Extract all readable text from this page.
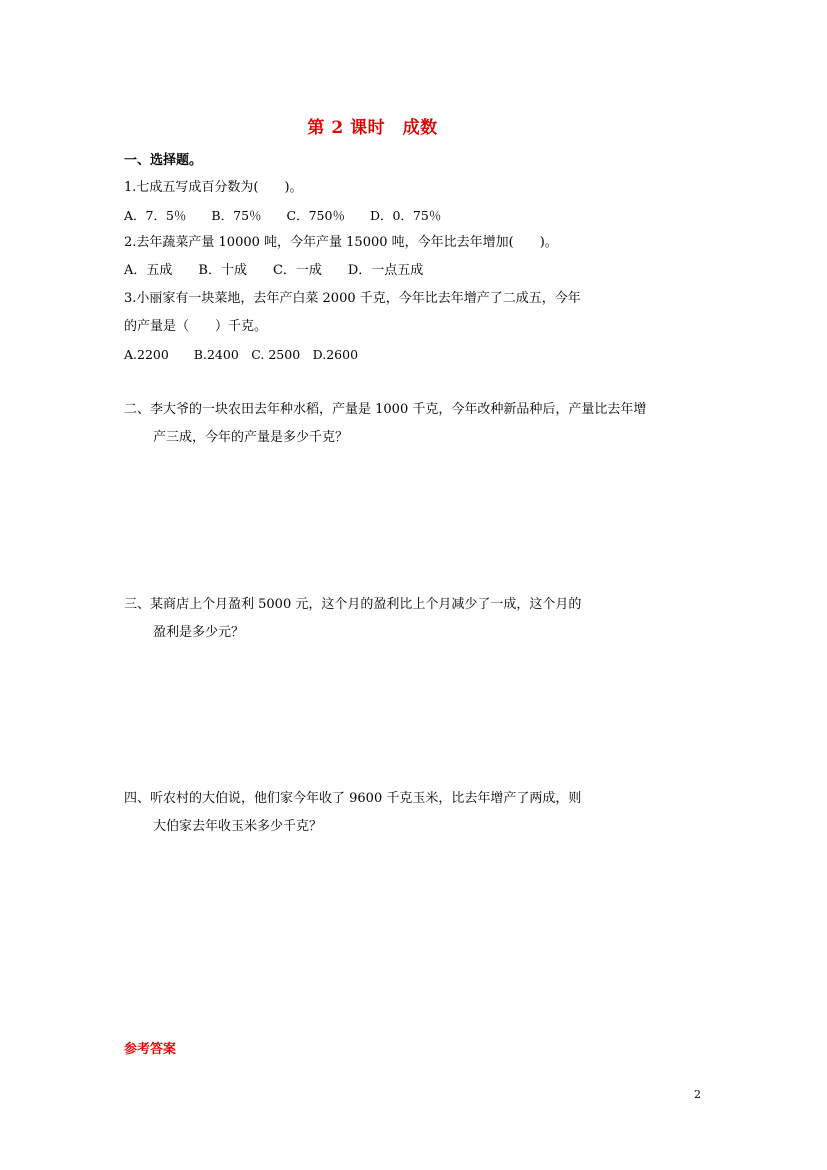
第 2 课时　成数
一、选择题。
1.七成五写成百分数为(　　)。
A．7．5％　　B．75％　　C．750％　　D．0．75％
2.去年蔬菜产量 10000 吨，今年产量 15000 吨，今年比去年增加(　　)。
A．五成　　B．十成　　C．一成　　D．一点五成
3.小丽家有一块菜地，去年产白菜 2000 千克，今年比去年增产了二成五，今年
的产量是（　　）千克。
A.2200　　B.2400　C. 2500　D.2600
二、李大爷的一块农田去年种水稻，产量是 1000 千克，今年改种新品种后，产量比去年增
产三成，今年的产量是多少千克？
三、某商店上个月盈利 5000 元，这个月的盈利比上个月减少了一成，这个月的
盈利是多少元？
四、听农村的大伯说，他们家今年收了 9600 千克玉米，比去年增产了两成，则
大伯家去年收玉米多少千克？
参考答案
2
